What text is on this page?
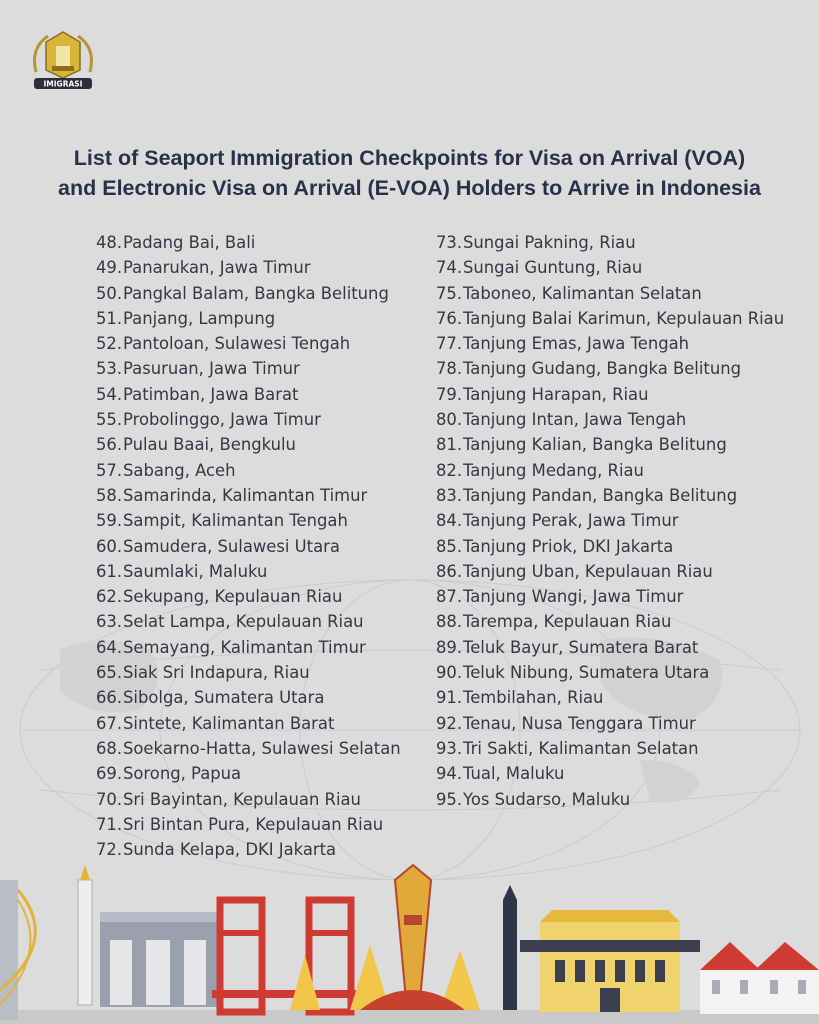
IMIGRASI
List of Seaport Immigration Checkpoints for Visa on Arrival (VOA)
and Electronic Visa on Arrival (E-VOA) Holders to Arrive in Indonesia
48. Padang Bai, Bali
49. Panarukan, Jawa Timur
50. Pangkal Balam, Bangka Belitung
51. Panjang, Lampung
52. Pantoloan, Sulawesi Tengah
53. Pasuruan, Jawa Timur
54. Patimban, Jawa Barat
55. Probolinggo, Jawa Timur
56. Pulau Baai, Bengkulu
57. Sabang, Aceh
58. Samarinda, Kalimantan Timur
59. Sampit, Kalimantan Tengah
60. Samudera, Sulawesi Utara
61. Saumlaki, Maluku
62. Sekupang, Kepulauan Riau
63. Selat Lampa, Kepulauan Riau
64. Semayang, Kalimantan Timur
65. Siak Sri Indapura, Riau
66. Sibolga, Sumatera Utara
67. Sintete, Kalimantan Barat
68. Soekarno-Hatta, Sulawesi Selatan
69. Sorong, Papua
70. Sri Bayintan, Kepulauan Riau
71. Sri Bintan Pura, Kepulauan Riau
72. Sunda Kelapa, DKI Jakarta
73. Sungai Pakning, Riau
74. Sungai Guntung, Riau
75. Taboneo, Kalimantan Selatan
76. Tanjung Balai Karimun, Kepulauan Riau
77. Tanjung Emas, Jawa Tengah
78. Tanjung Gudang, Bangka Belitung
79. Tanjung Harapan, Riau
80. Tanjung Intan, Jawa Tengah
81. Tanjung Kalian, Bangka Belitung
82. Tanjung Medang, Riau
83. Tanjung Pandan, Bangka Belitung
84. Tanjung Perak, Jawa Timur
85. Tanjung Priok, DKI Jakarta
86. Tanjung Uban, Kepulauan Riau
87. Tanjung Wangi, Jawa Timur
88. Tarempa, Kepulauan Riau
89. Teluk Bayur, Sumatera Barat
90. Teluk Nibung, Sumatera Utara
91. Tembilahan, Riau
92. Tenau, Nusa Tenggara Timur
93. Tri Sakti, Kalimantan Selatan
94. Tual, Maluku
95. Yos Sudarso, Maluku
